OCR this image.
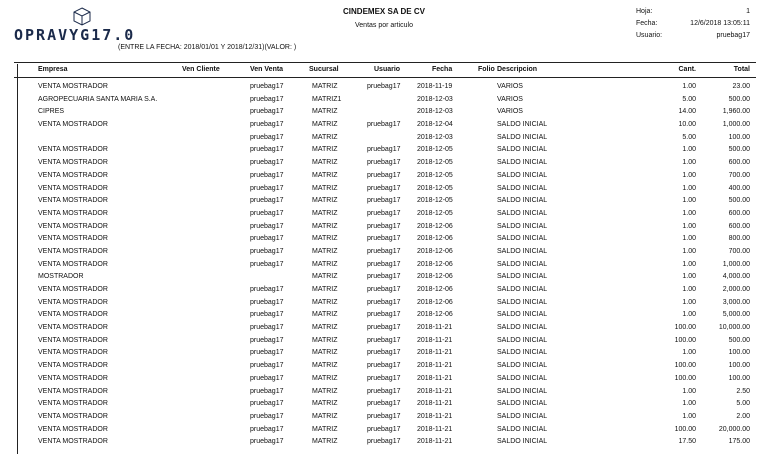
OPRAVYG17.0
CINDEMEX SA DE CV
Ventas por articulo
Hoja:	1
Fecha:	12/6/2018 13:05:11
Usuario:	pruebag17
(ENTRE LA FECHA: 2018/01/01 Y 2018/12/31)(VALOR: )
Empresa	Ven Cliente	Ven Venta	Sucursal	Usuario	Fecha	Folio Descripcion	Cant.	Total
VENTA MOSTRADOR	pruebag17	MATRIZ	pruebag17 2018-11-19	VARIOS	1.00	23.00
AGROPECUARIA SANTA MARIA S.A.	pruebag17	MATRIZ1	2018-12-03	VARIOS	5.00	500.00
CIPRES	pruebag17	MATRIZ	2018-12-03	VARIOS	14.00	1,960.00
VENTA MOSTRADOR	pruebag17	MATRIZ	pruebag17 2018-12-04	SALDO INICIAL	10.00	1,000.00
pruebag17	MATRIZ	2018-12-03	SALDO INICIAL	5.00	100.00
VENTA MOSTRADOR	pruebag17	MATRIZ	pruebag17 2018-12-05	SALDO INICIAL	1.00	500.00
VENTA MOSTRADOR	pruebag17	MATRIZ	pruebag17 2018-12-05	SALDO INICIAL	1.00	600.00
VENTA MOSTRADOR	pruebag17	MATRIZ	pruebag17 2018-12-05	SALDO INICIAL	1.00	700.00
VENTA MOSTRADOR	pruebag17	MATRIZ	pruebag17 2018-12-05	SALDO INICIAL	1.00	400.00
VENTA MOSTRADOR	pruebag17	MATRIZ	pruebag17 2018-12-05	SALDO INICIAL	1.00	500.00
VENTA MOSTRADOR	pruebag17	MATRIZ	pruebag17 2018-12-05	SALDO INICIAL	1.00	600.00
VENTA MOSTRADOR	pruebag17	MATRIZ	pruebag17 2018-12-06	SALDO INICIAL	1.00	600.00
VENTA MOSTRADOR	pruebag17	MATRIZ	pruebag17 2018-12-06	SALDO INICIAL	1.00	800.00
VENTA MOSTRADOR	pruebag17	MATRIZ	pruebag17 2018-12-06	SALDO INICIAL	1.00	700.00
VENTA MOSTRADOR	pruebag17	MATRIZ	pruebag17 2018-12-06	SALDO INICIAL	1.00	1,000.00
MOSTRADOR	MATRIZ	pruebag17 2018-12-06	SALDO INICIAL	1.00	4,000.00
VENTA MOSTRADOR	pruebag17	MATRIZ	pruebag17 2018-12-06	SALDO INICIAL	1.00	2,000.00
VENTA MOSTRADOR	pruebag17	MATRIZ	pruebag17 2018-12-06	SALDO INICIAL	1.00	3,000.00
VENTA MOSTRADOR	pruebag17	MATRIZ	pruebag17 2018-12-06	SALDO INICIAL	1.00	5,000.00
VENTA MOSTRADOR	pruebag17	MATRIZ	pruebag17 2018-11-21	SALDO INICIAL	100.00	10,000.00
VENTA MOSTRADOR	pruebag17	MATRIZ	pruebag17 2018-11-21	SALDO INICIAL	100.00	500.00
VENTA MOSTRADOR	pruebag17	MATRIZ	pruebag17 2018-11-21	SALDO INICIAL	1.00	100.00
VENTA MOSTRADOR	pruebag17	MATRIZ	pruebag17 2018-11-21	SALDO INICIAL	100.00	100.00
VENTA MOSTRADOR	pruebag17	MATRIZ	pruebag17 2018-11-21	SALDO INICIAL	100.00	100.00
VENTA MOSTRADOR	pruebag17	MATRIZ	pruebag17 2018-11-21	SALDO INICIAL	1.00	2.50
VENTA MOSTRADOR	pruebag17	MATRIZ	pruebag17 2018-11-21	SALDO INICIAL	1.00	5.00
VENTA MOSTRADOR	pruebag17	MATRIZ	pruebag17 2018-11-21	SALDO INICIAL	1.00	2.00
VENTA MOSTRADOR	pruebag17	MATRIZ	pruebag17 2018-11-21	SALDO INICIAL	100.00	20,000.00
VENTA MOSTRADOR	pruebag17	MATRIZ	pruebag17 2018-11-21	SALDO INICIAL	17.50	175.00
